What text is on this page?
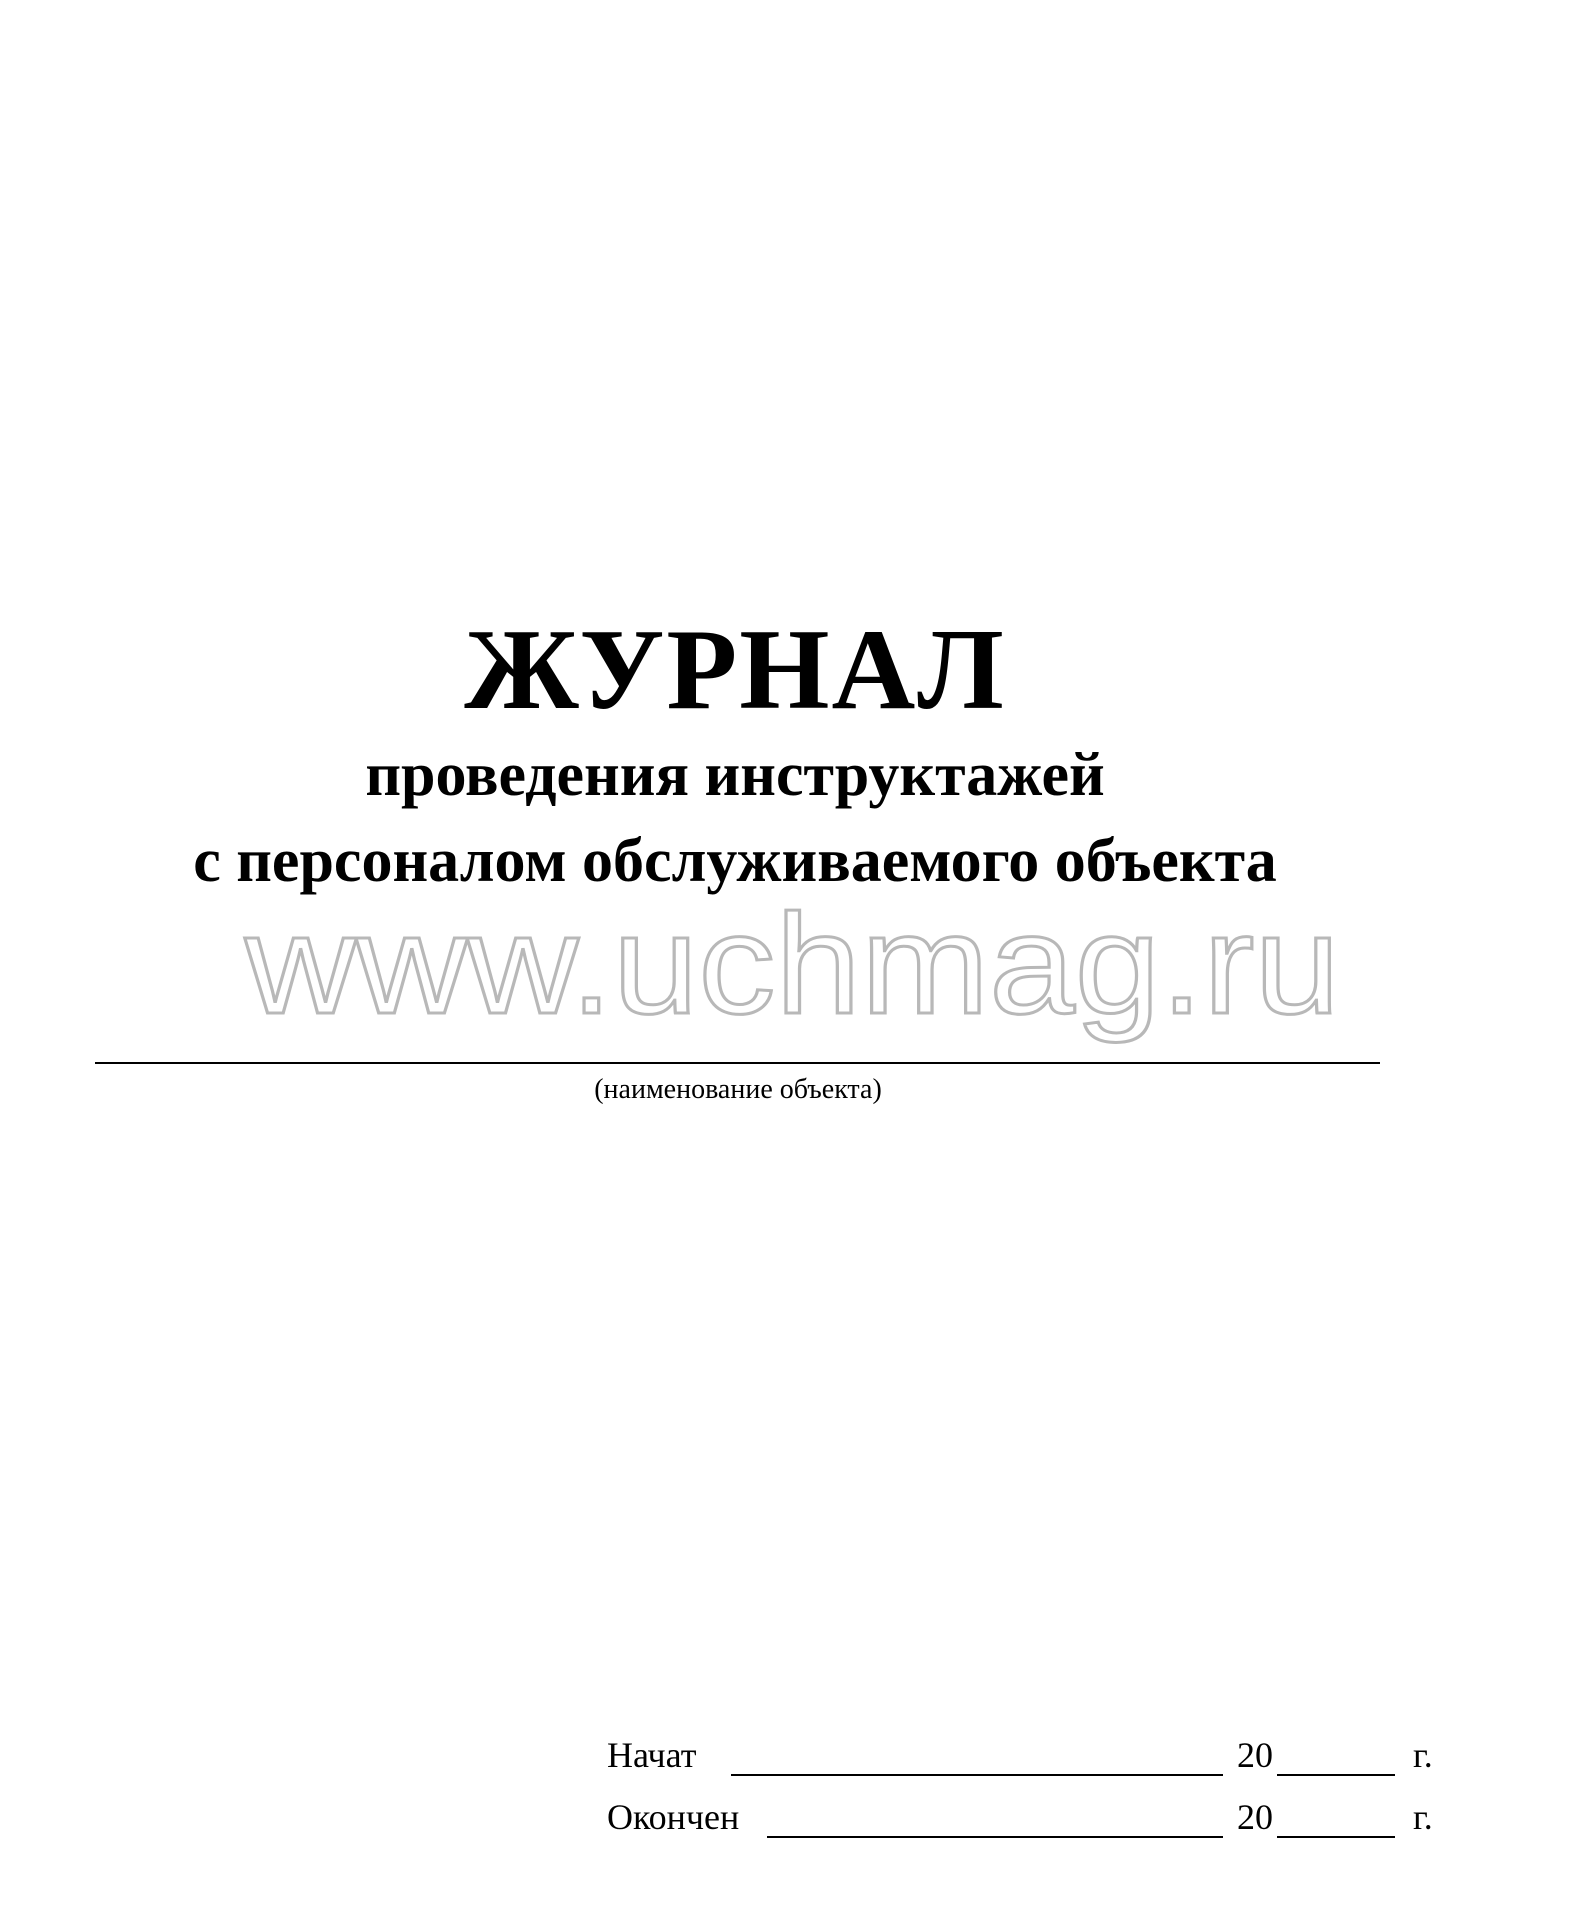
ЖУРНАЛ
проведения инструктажей
с персоналом обслуживаемого объекта
www.uchmag.ru
(наименование объекта)
Начат	20	г.
Окончен	20	г.
